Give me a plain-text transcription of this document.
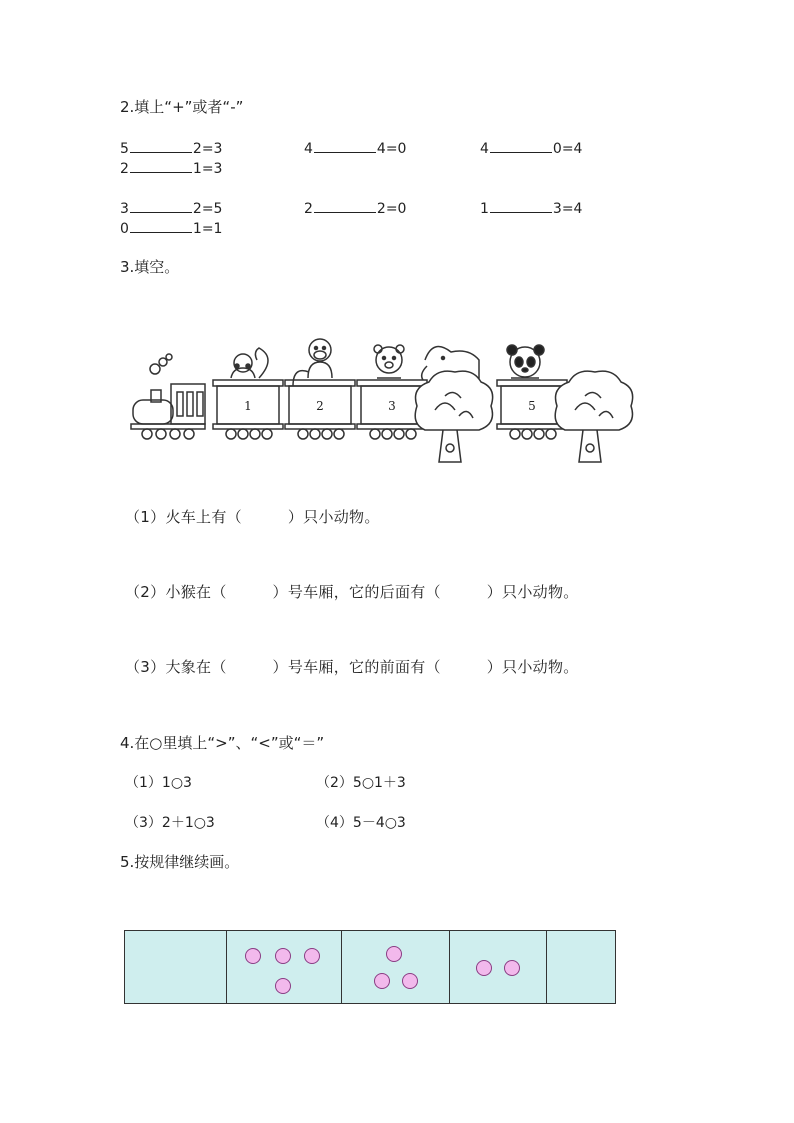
2.填上“+”或者“-”
5	2=3	4	4=0	4	0=4
2	1=3
3	2=5	2	2=0	1	3=4
0	1=1
3.填空。
1	2	3	5
（1）火车上有（　　　）只小动物。
（2）小猴在（　　　）号车厢，它的后面有（　　　）只小动物。
（3）大象在（　　　）号车厢，它的前面有（　　　）只小动物。
4.在○里填上“>”、“<”或“＝”
（1）1○3	（2）5○1＋3
（3）2＋1○3	（4）5－4○3
5.按规律继续画。
